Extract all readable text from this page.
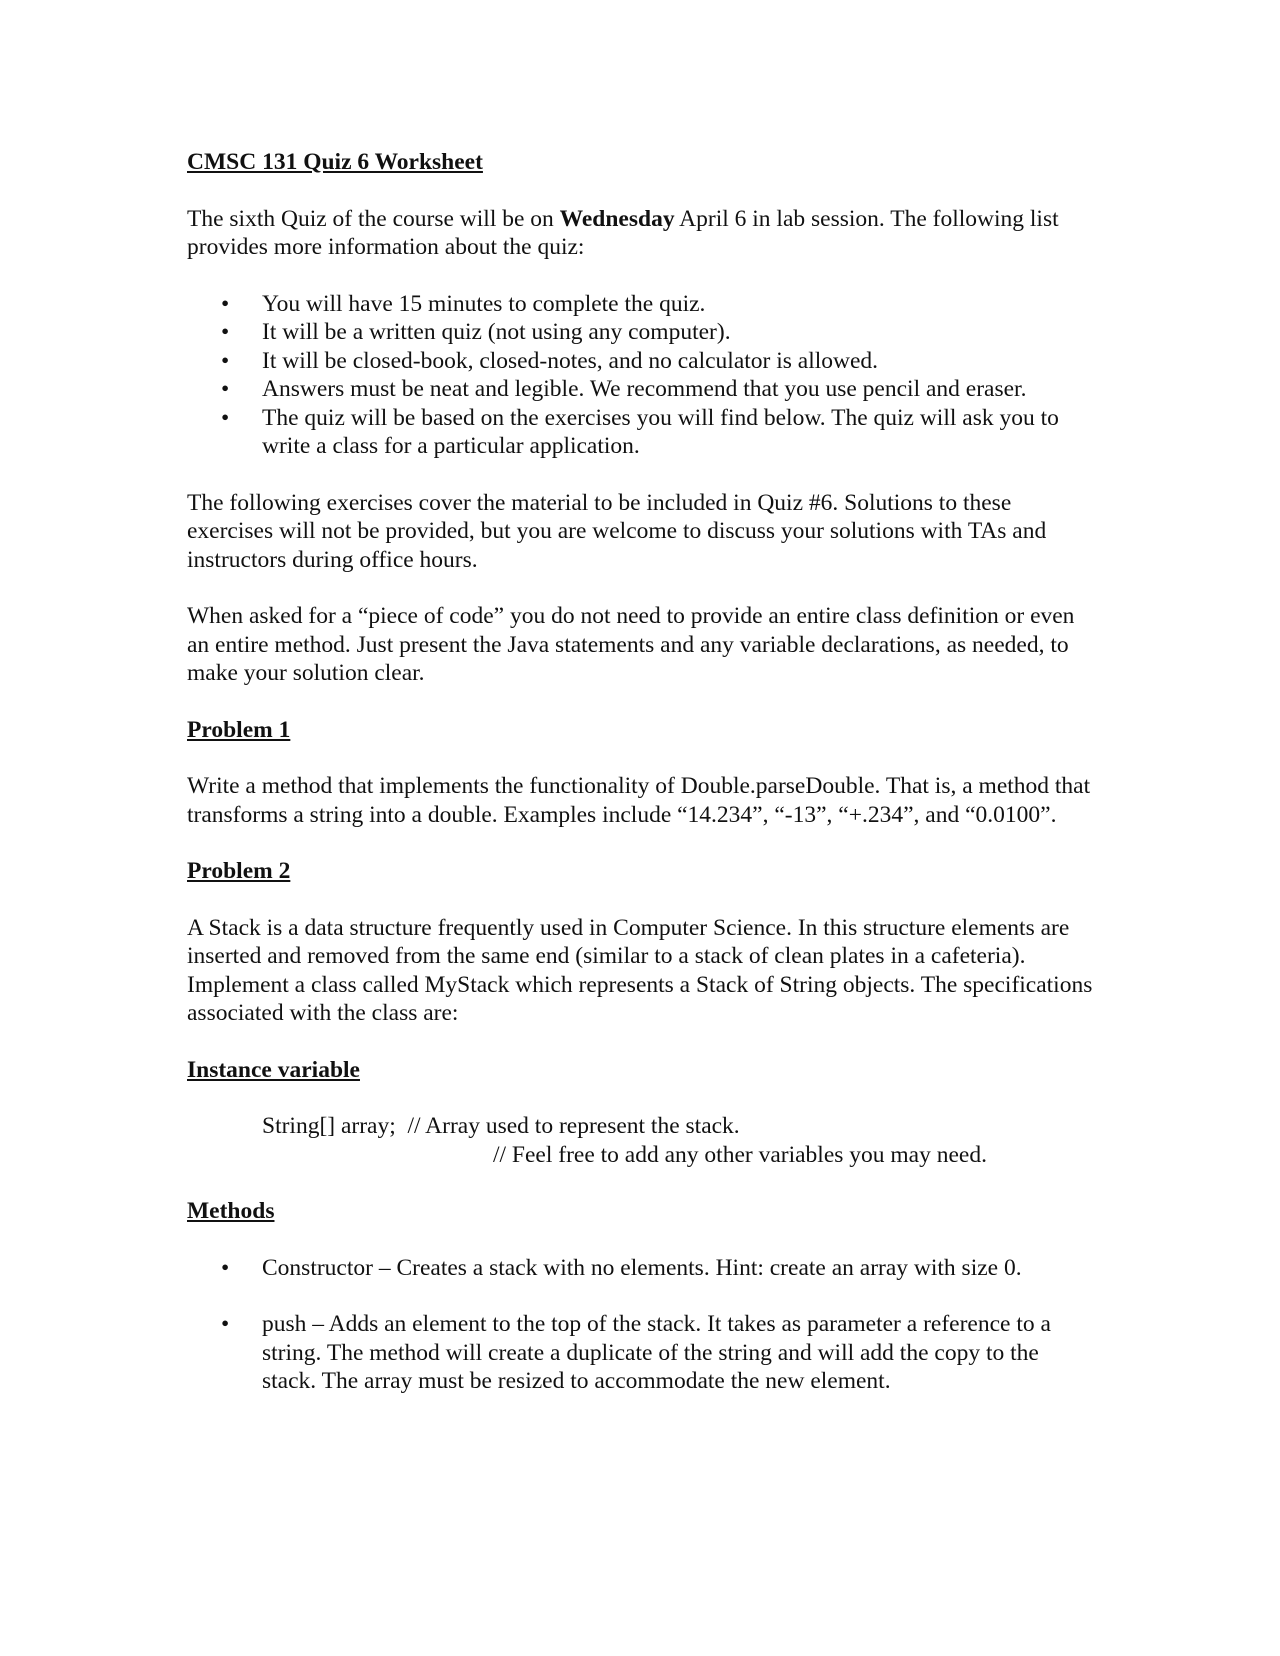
CMSC 131 Quiz 6 Worksheet

The sixth Quiz of the course will be on Wednesday April 6 in lab session. The following list provides more information about the quiz:

• You will have 15 minutes to complete the quiz.
• It will be a written quiz (not using any computer).
• It will be closed-book, closed-notes, and no calculator is allowed.
• Answers must be neat and legible. We recommend that you use pencil and eraser.
• The quiz will be based on the exercises you will find below. The quiz will ask you to write a class for a particular application.

The following exercises cover the material to be included in Quiz #6. Solutions to these exercises will not be provided, but you are welcome to discuss your solutions with TAs and instructors during office hours.

When asked for a “piece of code” you do not need to provide an entire class definition or even an entire method. Just present the Java statements and any variable declarations, as needed, to make your solution clear.

Problem 1

Write a method that implements the functionality of Double.parseDouble. That is, a method that transforms a string into a double. Examples include “14.234”, “-13”, “+.234”, and “0.0100”.

Problem 2

A Stack is a data structure frequently used in Computer Science. In this structure elements are inserted and removed from the same end (similar to a stack of clean plates in a cafeteria). Implement a class called MyStack which represents a Stack of String objects. The specifications associated with the class are:

Instance variable

String[] array;  // Array used to represent the stack.

// Feel free to add any other variables you may need.

Methods

• Constructor – Creates a stack with no elements. Hint: create an array with size 0.
• push – Adds an element to the top of the stack. It takes as parameter a reference to a string. The method will create a duplicate of the string and will add the copy to the stack. The array must be resized to accommodate the new element.
